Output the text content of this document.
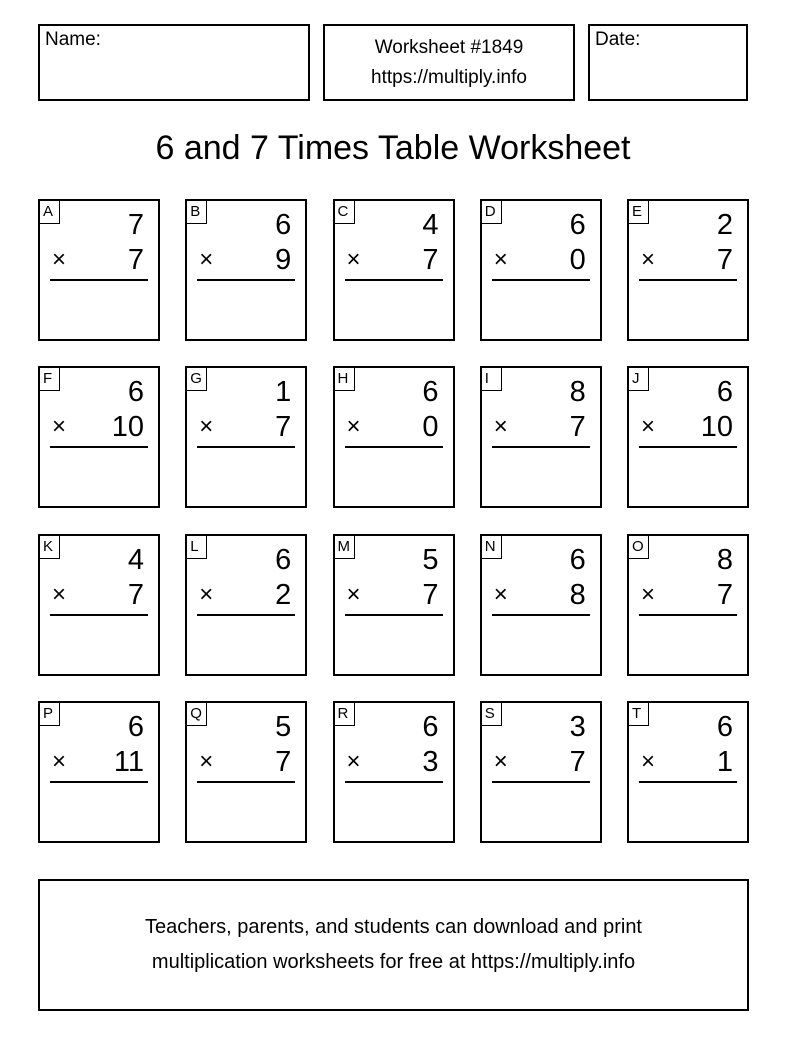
Name:	Worksheet #1849
https://multiply.info
Date:
6 and 7 Times Table Worksheet
A	7
× 7
B	6
× 9
C	4
× 7
D	6
× 0
E	2
× 7
F	6
× 10
G	1
× 7
H	6
× 0
I	8
× 7
J	6
× 10
K	4
× 7
L	6
× 2
M 5
× 7
N	6
× 8
O	8
× 7
P	6
× 11
Q	5
× 7
R	6
× 3
S	3
× 7
T	6
× 1
Teachers, parents, and students can download and print
multiplication worksheets for free at https://multiply.info
